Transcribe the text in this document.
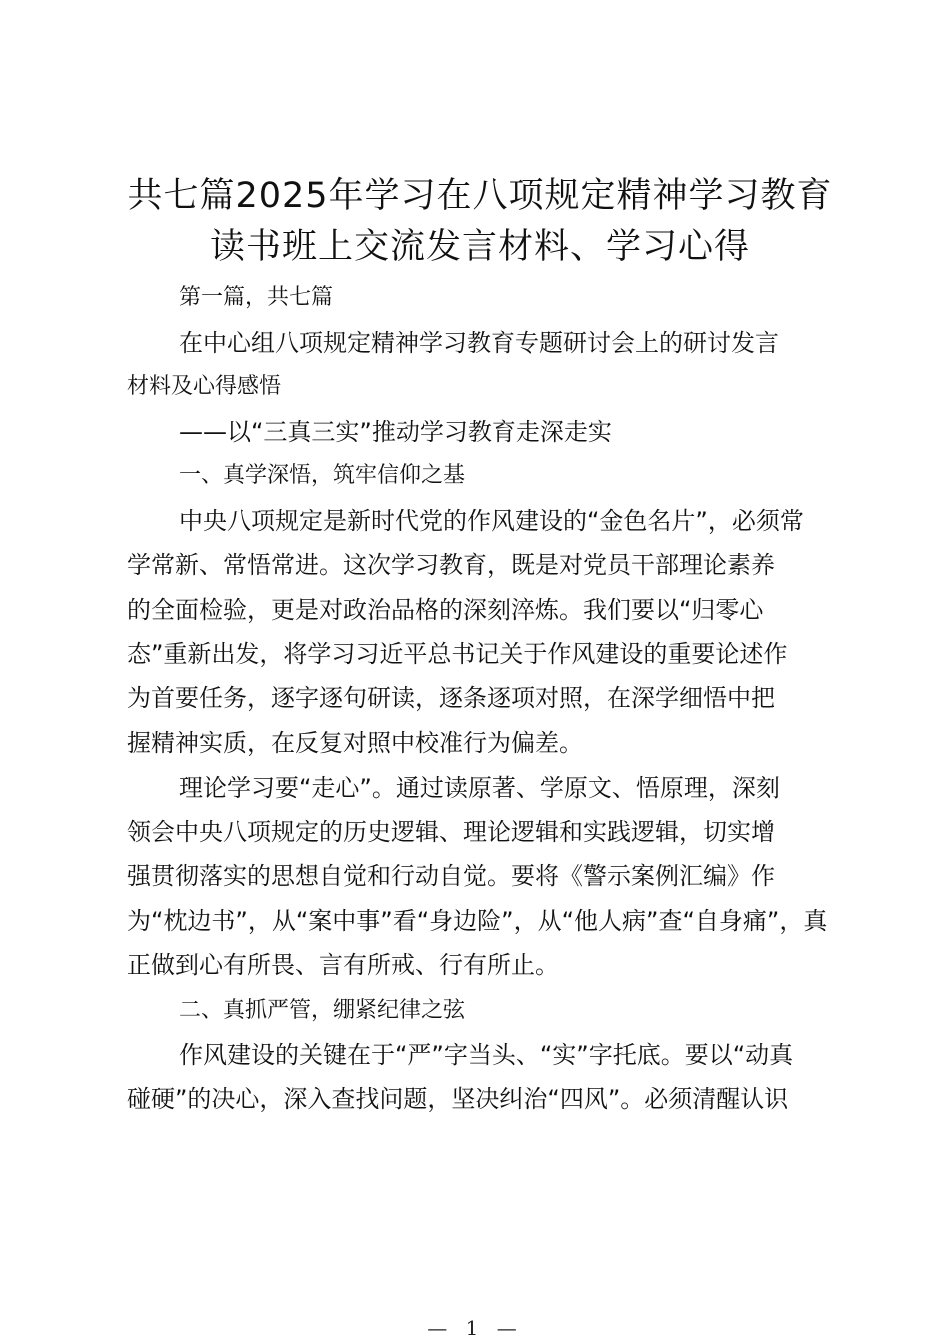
共七篇2025年学习在八项规定精神学习教育
读书班上交流发言材料、学习心得
第一篇，共七篇
在中心组八项规定精神学习教育专题研讨会上的研讨发言
材料及心得感悟
——以“三真三实”推动学习教育走深走实
一、真学深悟，筑牢信仰之基
中央八项规定是新时代党的作风建设的“金色名片”，必须常
学常新、常悟常进。这次学习教育，既是对党员干部理论素养
的全面检验，更是对政治品格的深刻淬炼。我们要以“归零心
态”重新出发，将学习习近平总书记关于作风建设的重要论述作
为首要任务，逐字逐句研读，逐条逐项对照，在深学细悟中把
握精神实质，在反复对照中校准行为偏差。
理论学习要“走心”。通过读原著、学原文、悟原理，深刻
领会中央八项规定的历史逻辑、理论逻辑和实践逻辑，切实增
强贯彻落实的思想自觉和行动自觉。要将《警示案例汇编》作
为“枕边书”，从“案中事”看“身边险”，从“他人病”查“自身痛”，真
正做到心有所畏、言有所戒、行有所止。
二、真抓严管，绷紧纪律之弦
作风建设的关键在于“严”字当头、“实”字托底。要以“动真
碰硬”的决心，深入查找问题，坚决纠治“四风”。必须清醒认识
— 1 —
